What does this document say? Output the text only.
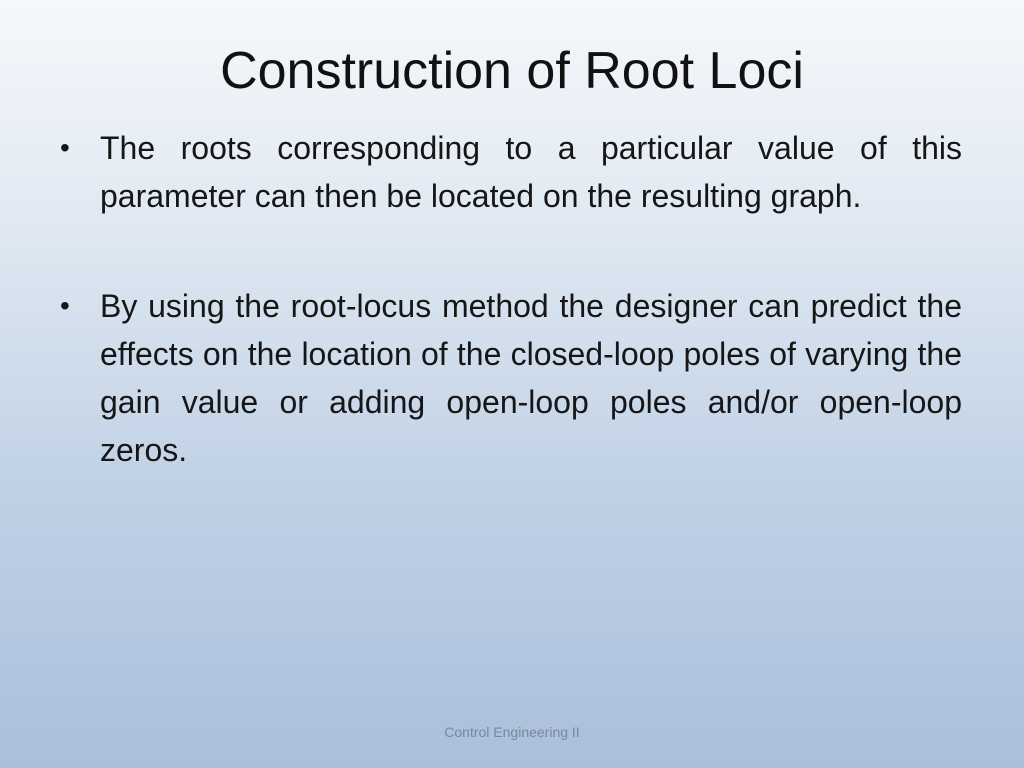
Construction of Root Loci
• The roots corresponding to a particular value of this parameter can then be located on the resulting graph.
• By using the root-locus method the designer can predict the effects on the location of the closed-loop poles of varying the gain value or adding open-loop poles and/or open-loop zeros.
Control Engineering II
